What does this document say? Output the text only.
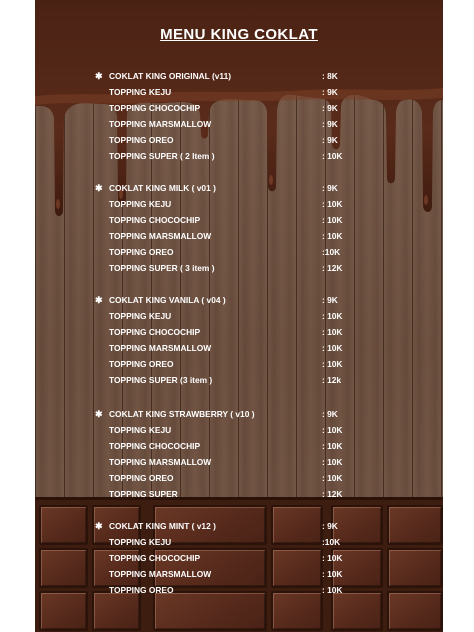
MENU KING COKLAT
✱ COKLAT KING ORIGINAL (v11)	: 8K
TOPPING KEJU	: 9K
TOPPING CHOCOCHIP	: 9K
TOPPING MARSMALLOW	: 9K
TOPPING OREO	: 9K
TOPPING SUPER ( 2 Item )	: 10K
✱ COKLAT KING MILK ( v01 )	: 9K
TOPPING KEJU	: 10K
TOPPING CHOCOCHIP	: 10K
TOPPING MARSMALLOW	: 10K
TOPPING OREO	:10K
TOPPING SUPER ( 3 item )	: 12K
✱ COKLAT KING VANILA ( v04 )	: 9K
TOPPING KEJU	: 10K
TOPPING CHOCOCHIP	: 10K
TOPPING MARSMALLOW	: 10K
TOPPING OREO	: 10K
TOPPING SUPER (3 item )	: 12k
✱ COKLAT KING STRAWBERRY ( v10 )	: 9K
TOPPING KEJU	: 10K
TOPPING CHOCOCHIP	: 10K
TOPPING MARSMALLOW	: 10K
TOPPING OREO	: 10K
TOPPING SUPER	: 12K
✱ COKLAT KING MINT ( v12 )	: 9K
TOPPING KEJU	:10K
TOPPING CHOCOCHIP	: 10K
TOPPING MARSMALLOW	: 10K
TOPPING OREO	: 10K
